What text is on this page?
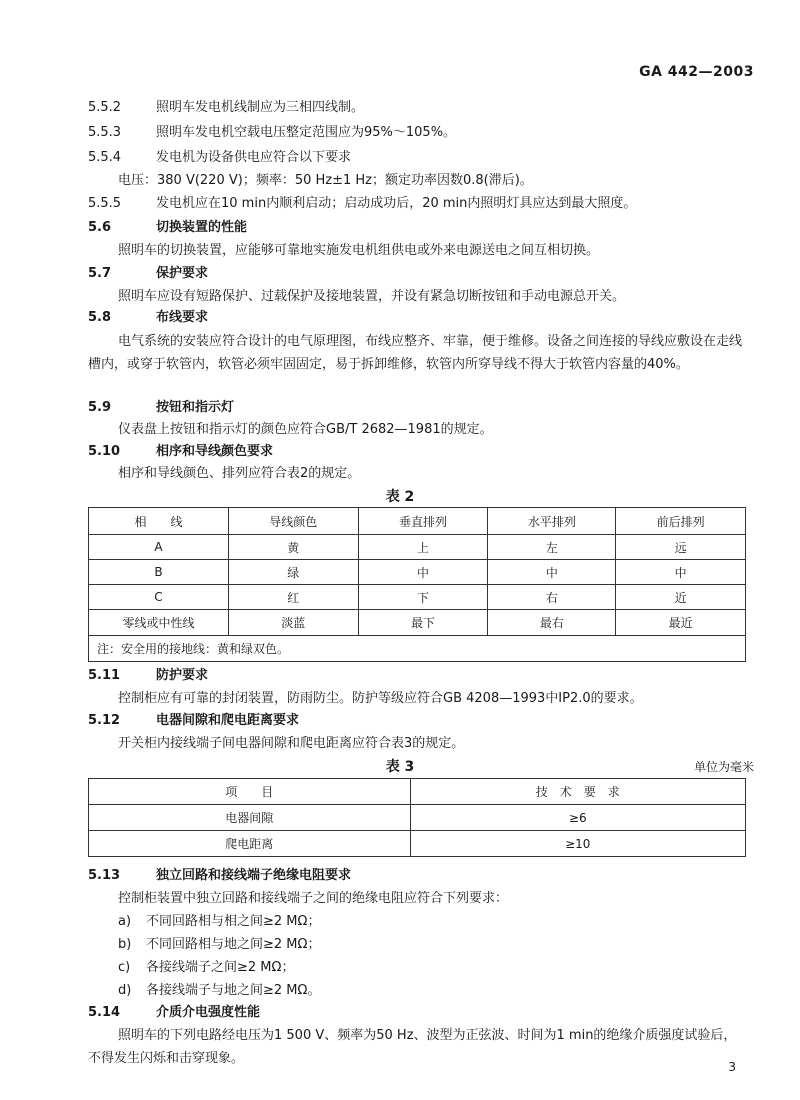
GA 442—2003
5.5.2	照明车发电机线制应为三相四线制。
5.5.3	照明车发电机空载电压整定范围应为95%～105%。
5.5.4	发电机为设备供电应符合以下要求
电压：380 V(220 V)；频率：50 Hz±1 Hz；额定功率因数0.8(滞后)。
5.5.5	发电机应在10 min内顺利启动；启动成功后，20 min内照明灯具应达到最大照度。
5.6	切换装置的性能
照明车的切换装置，应能够可靠地实施发电机组供电或外来电源送电之间互相切换。
5.7	保护要求
照明车应设有短路保护、过载保护及接地装置，并设有紧急切断按钮和手动电源总开关。
5.8	布线要求
电气系统的安装应符合设计的电气原理图，布线应整齐、牢靠，便于维修。设备之间连接的导线应敷设在走线槽内，或穿于软管内，软管必须牢固固定，易于拆卸维修，软管内所穿导线不得大于软管内容量的40%。
5.9	按钮和指示灯
仪表盘上按钮和指示灯的颜色应符合GB/T 2682—1981的规定。
5.10	相序和导线颜色要求
相序和导线颜色、排列应符合表2的规定。
表 2
相　　线	导线颜色	垂直排列	水平排列	前后排列
A	黄	上	左	远
B	绿	中	中	中
C	红	下	右	近
零线或中性线	淡蓝	最下	最右	最近
注：安全用的接地线：黄和绿双色。				
5.11	防护要求
控制柜应有可靠的封闭装置，防雨防尘。防护等级应符合GB 4208—1993中IP2.0的要求。
5.12	电器间隙和爬电距离要求
开关柜内接线端子间电器间隙和爬电距离应符合表3的规定。
表 3	单位为毫米
项　　目	技　术　要　求
电器间隙	≥6
爬电距离	≥10
5.13	独立回路和接线端子绝缘电阻要求
控制柜装置中独立回路和接线端子之间的绝缘电阻应符合下列要求：
a) 不同回路相与相之间≥2 MΩ；
b) 不同回路相与地之间≥2 MΩ；
c) 各接线端子之间≥2 MΩ；
d) 各接线端子与地之间≥2 MΩ。
5.14	介质介电强度性能
照明车的下列电路经电压为1 500 V、频率为50 Hz、波型为正弦波、时间为1 min的绝缘介质强度试验后，不得发生闪烁和击穿现象。
3
